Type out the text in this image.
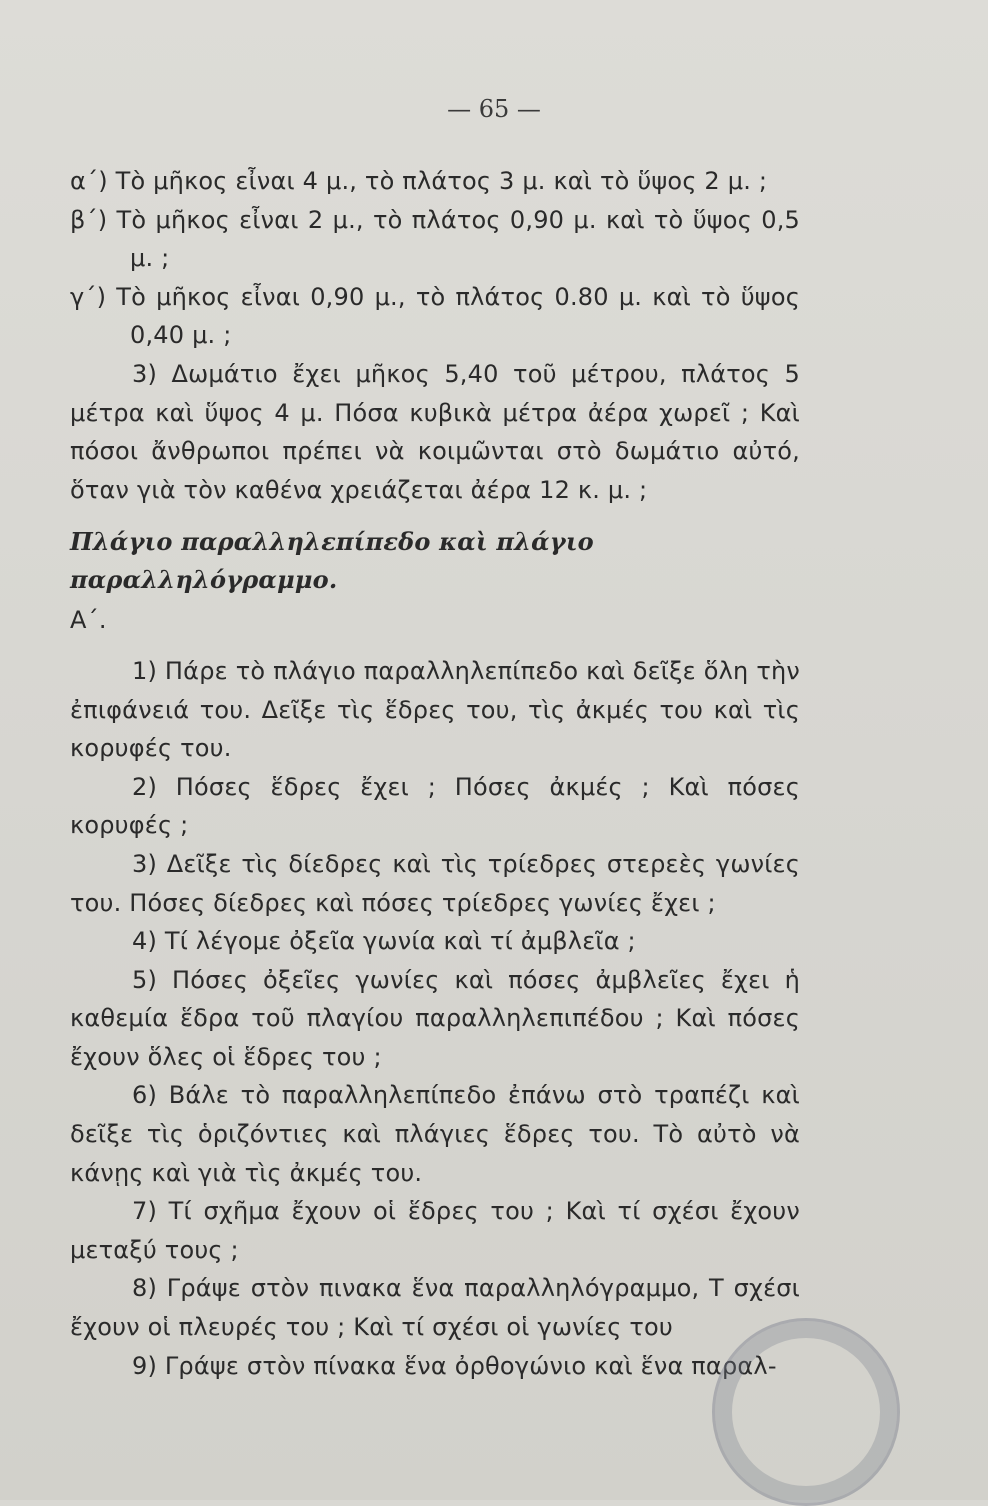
— 65 —

α΄) Τὸ μῆκος εἶναι 4 μ., τὸ πλάτος 3 μ. καὶ τὸ ὕψος 2 μ. ;

β΄) Τὸ μῆκος εἶναι 2 μ., τὸ πλάτος 0,90 μ. καὶ τὸ ὕψος 0,5 μ. ;

γ΄) Τὸ μῆκος εἶναι 0,90 μ., τὸ πλάτος 0.80 μ. καὶ τὸ ὕψος 0,40 μ. ;

3) Δωμάτιο ἔχει μῆκος 5,40 τοῦ μέτρου, πλάτος 5 μέτρα καὶ ὕψος 4 μ. Πόσα κυβικὰ μέτρα ἀέρα χωρεῖ ; Καὶ πόσοι ἄνθρωποι πρέπει νὰ κοιμῶνται στὸ δωμάτιο αὐτό, ὅταν γιὰ τὸν καθένα χρειάζεται ἀέρα 12 κ. μ. ;

Πλάγιο παραλληλεπίπεδο καὶ πλάγιο

παραλληλόγραμμο.

Α΄.

1) Πάρε τὸ πλάγιο παραλληλεπίπεδο καὶ δεῖξε ὅλη τὴν ἐπιφάνειά του. Δεῖξε τὶς ἕδρες του, τὶς ἀκμές του καὶ τὶς κορυφές του.

2) Πόσες ἕδρες ἔχει ; Πόσες ἀκμές ; Καὶ πόσες κορυφές ;

3) Δεῖξε τὶς δίεδρες καὶ τὶς τρίεδρες στερεὲς γωνίες του. Πόσες δίεδρες καὶ πόσες τρίεδρες γωνίες ἔχει ;

4) Τί λέγομε ὀξεῖα γωνία καὶ τί ἀμβλεῖα ;

5) Πόσες ὀξεῖες γωνίες καὶ πόσες ἀμβλεῖες ἔχει ἡ καθεμία ἕδρα τοῦ πλαγίου παραλληλεπιπέδου ; Καὶ πόσες ἔχουν ὅλες οἱ ἕδρες του ;

6) Βάλε τὸ παραλληλεπίπεδο ἐπάνω στὸ τραπέζι καὶ δεῖξε τὶς ὁριζόντιες καὶ πλάγιες ἕδρες του. Τὸ αὐτὸ νὰ κάνῃς καὶ γιὰ τὶς ἀκμές του.

7) Τί σχῆμα ἔχουν οἱ ἕδρες του ; Καὶ τί σχέσι ἔχουν μεταξύ τους ;

8) Γράψε στὸν πινακα ἕνα παραλληλόγραμμο, Τ σχέσι ἔχουν οἱ πλευρές του ; Καὶ τί σχέσι οἱ γωνίες του

9) Γράψε στὸν πίνακα ἕνα ὀρθογώνιο καὶ ἕνα παραλ-
